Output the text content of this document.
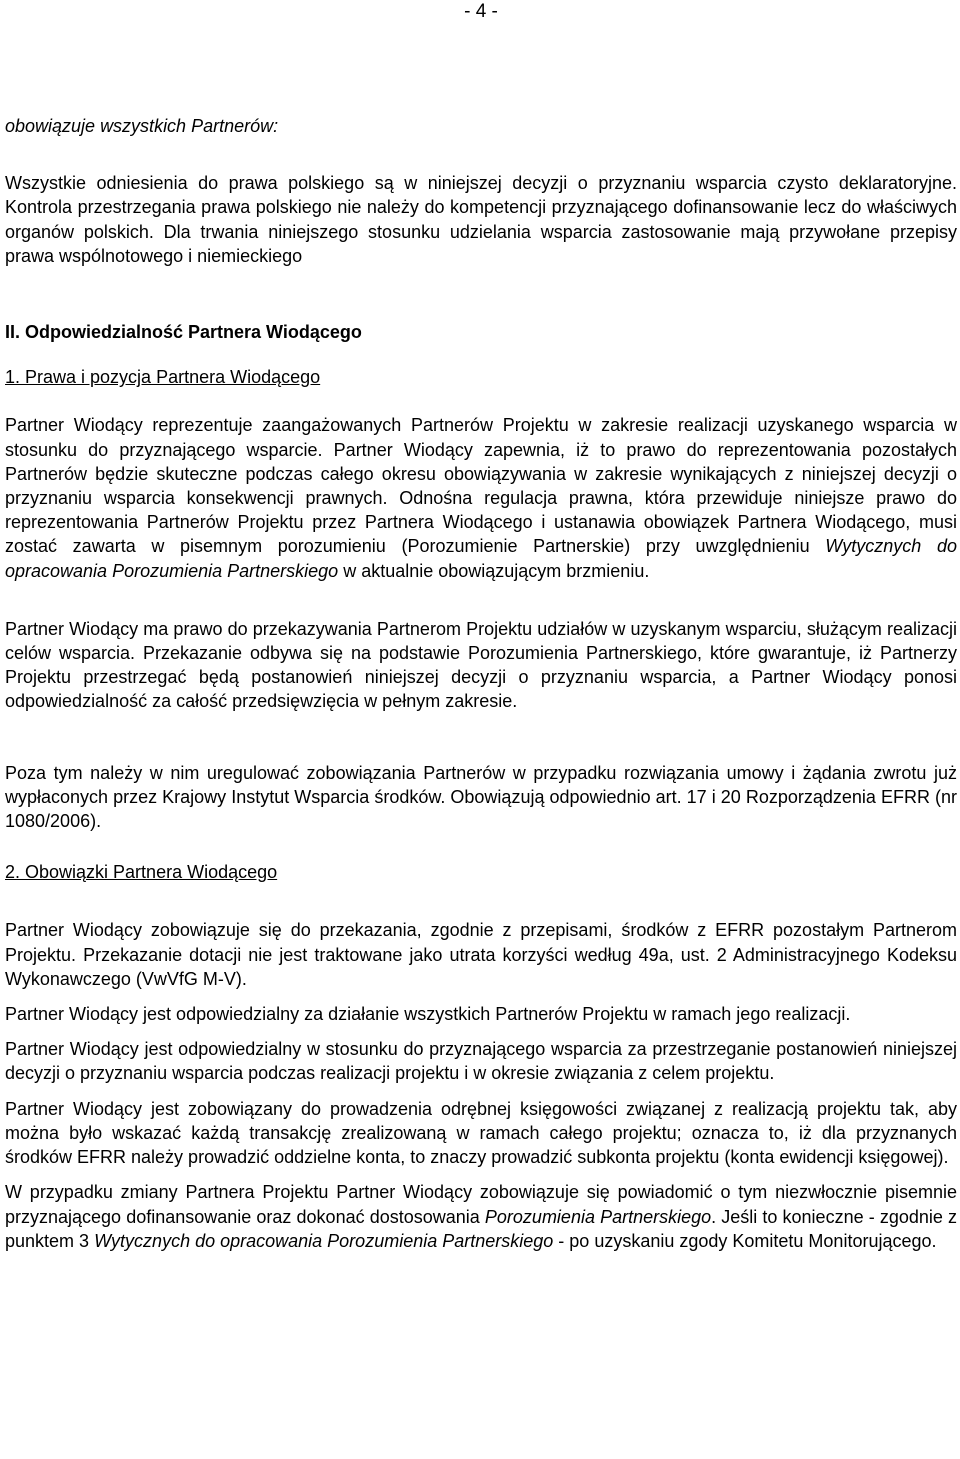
- 4 -

obowiązuje wszystkich Partnerów:

Wszystkie odniesienia do prawa polskiego są w niniejszej decyzji o przyznaniu wsparcia czysto deklaratoryjne. Kontrola przestrzegania prawa polskiego nie należy do kompetencji przyznającego dofinansowanie lecz do właściwych organów polskich. Dla trwania niniejszego stosunku udzielania wsparcia zastosowanie mają przywołane przepisy prawa wspólnotowego i niemieckiego

II. Odpowiedzialność Partnera Wiodącego

1. Prawa i pozycja Partnera Wiodącego

Partner Wiodący reprezentuje zaangażowanych Partnerów Projektu w zakresie realizacji uzyskanego wsparcia w stosunku do przyznającego wsparcie. Partner Wiodący zapewnia, iż to prawo do reprezentowania pozostałych Partnerów będzie skuteczne podczas całego okresu obowiązywania w zakresie wynikających z niniejszej decyzji o przyznaniu wsparcia konsekwencji prawnych. Odnośna regulacja prawna, która przewiduje niniejsze prawo do reprezentowania Partnerów Projektu przez Partnera Wiodącego i ustanawia obowiązek Partnera Wiodącego, musi zostać zawarta w pisemnym porozumieniu (Porozumienie Partnerskie) przy uwzględnieniu Wytycznych do opracowania Porozumienia Partnerskiego w aktualnie obowiązującym brzmieniu.

Partner Wiodący ma prawo do przekazywania Partnerom Projektu udziałów w uzyskanym wsparciu, służącym realizacji celów wsparcia. Przekazanie odbywa się na podstawie Porozumienia Partnerskiego, które gwarantuje, iż Partnerzy Projektu przestrzegać będą postanowień niniejszej decyzji o przyznaniu wsparcia, a Partner Wiodący ponosi odpowiedzialność za całość przedsięwzięcia w pełnym zakresie.

Poza tym należy w nim uregulować zobowiązania Partnerów w przypadku rozwiązania umowy i żądania zwrotu już wypłaconych przez Krajowy Instytut Wsparcia środków. Obowiązują odpowiednio art. 17 i 20 Rozporządzenia EFRR (nr 1080/2006).

2. Obowiązki Partnera Wiodącego

Partner Wiodący zobowiązuje się do przekazania, zgodnie z przepisami, środków z EFRR pozostałym Partnerom Projektu. Przekazanie dotacji nie jest traktowane jako utrata korzyści według 49a, ust. 2 Administracyjnego Kodeksu Wykonawczego (VwVfG M-V).

Partner Wiodący jest odpowiedzialny za działanie wszystkich Partnerów Projektu w ramach jego realizacji.

Partner Wiodący jest odpowiedzialny w stosunku do przyznającego wsparcia za przestrzeganie postanowień niniejszej decyzji o przyznaniu wsparcia podczas realizacji projektu i w okresie związania z celem projektu.

Partner Wiodący jest zobowiązany do prowadzenia odrębnej księgowości związanej z realizacją projektu tak, aby można było wskazać każdą transakcję zrealizowaną w ramach całego projektu; oznacza to, iż dla przyznanych środków EFRR należy prowadzić oddzielne konta, to znaczy prowadzić subkonta projektu (konta ewidencji księgowej).

W przypadku zmiany Partnera Projektu Partner Wiodący zobowiązuje się powiadomić o tym niezwłocznie pisemnie przyznającego dofinansowanie oraz dokonać dostosowania Porozumienia Partnerskiego. Jeśli to konieczne - zgodnie z punktem 3 Wytycznych do opracowania Porozumienia Partnerskiego - po uzyskaniu zgody Komitetu Monitorującego.
